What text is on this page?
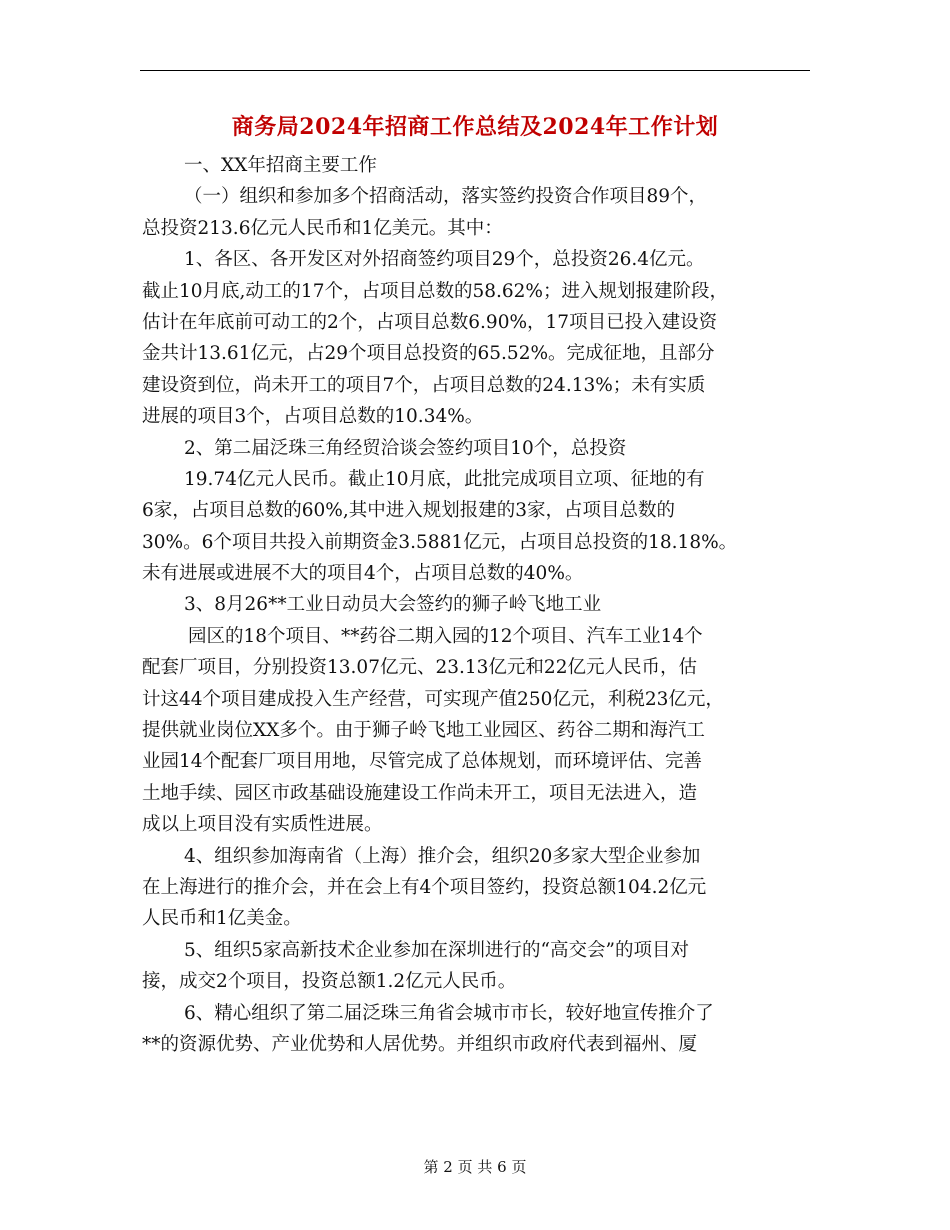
商务局2024年招商工作总结及2024年工作计划
一、XX年招商主要工作
（一）组织和参加多个招商活动，落实签约投资合作项目89个，
总投资213.6亿元人民币和1亿美元。其中：
1、各区、各开发区对外招商签约项目29个，总投资26.4亿元。
截止10月底,动工的17个，占项目总数的58.62%；进入规划报建阶段，
估计在年底前可动工的2个，占项目总数6.90%，17项目已投入建设资
金共计13.61亿元，占29个项目总投资的65.52%。完成征地，且部分
建设资到位，尚未开工的项目7个，占项目总数的24.13%；未有实质
进展的项目3个，占项目总数的10.34%。
2、第二届泛珠三角经贸洽谈会签约项目10个，总投资
19.74亿元人民币。截止10月底，此批完成项目立项、征地的有
6家，占项目总数的60%,其中进入规划报建的3家，占项目总数的
30%。6个项目共投入前期资金3.5881亿元，占项目总投资的18.18%。
未有进展或进展不大的项目4个，占项目总数的40%。
3、8月26**工业日动员大会签约的狮子岭飞地工业
园区的18个项目、**药谷二期入园的12个项目、汽车工业14个
配套厂项目，分别投资13.07亿元、23.13亿元和22亿元人民币，估
计这44个项目建成投入生产经营，可实现产值250亿元，利税23亿元，
提供就业岗位XX多个。由于狮子岭飞地工业园区、药谷二期和海汽工
业园14个配套厂项目用地，尽管完成了总体规划，而环境评估、完善
土地手续、园区市政基础设施建设工作尚未开工，项目无法进入，造
成以上项目没有实质性进展。
4、组织参加海南省（上海）推介会，组织20多家大型企业参加
在上海进行的推介会，并在会上有4个项目签约，投资总额104.2亿元
人民币和1亿美金。
5、组织5家高新技术企业参加在深圳进行的“高交会”的项目对
接，成交2个项目，投资总额1.2亿元人民币。
6、精心组织了第二届泛珠三角省会城市市长，较好地宣传推介了
**的资源优势、产业优势和人居优势。并组织市政府代表到福州、厦
第 2 页 共 6 页
